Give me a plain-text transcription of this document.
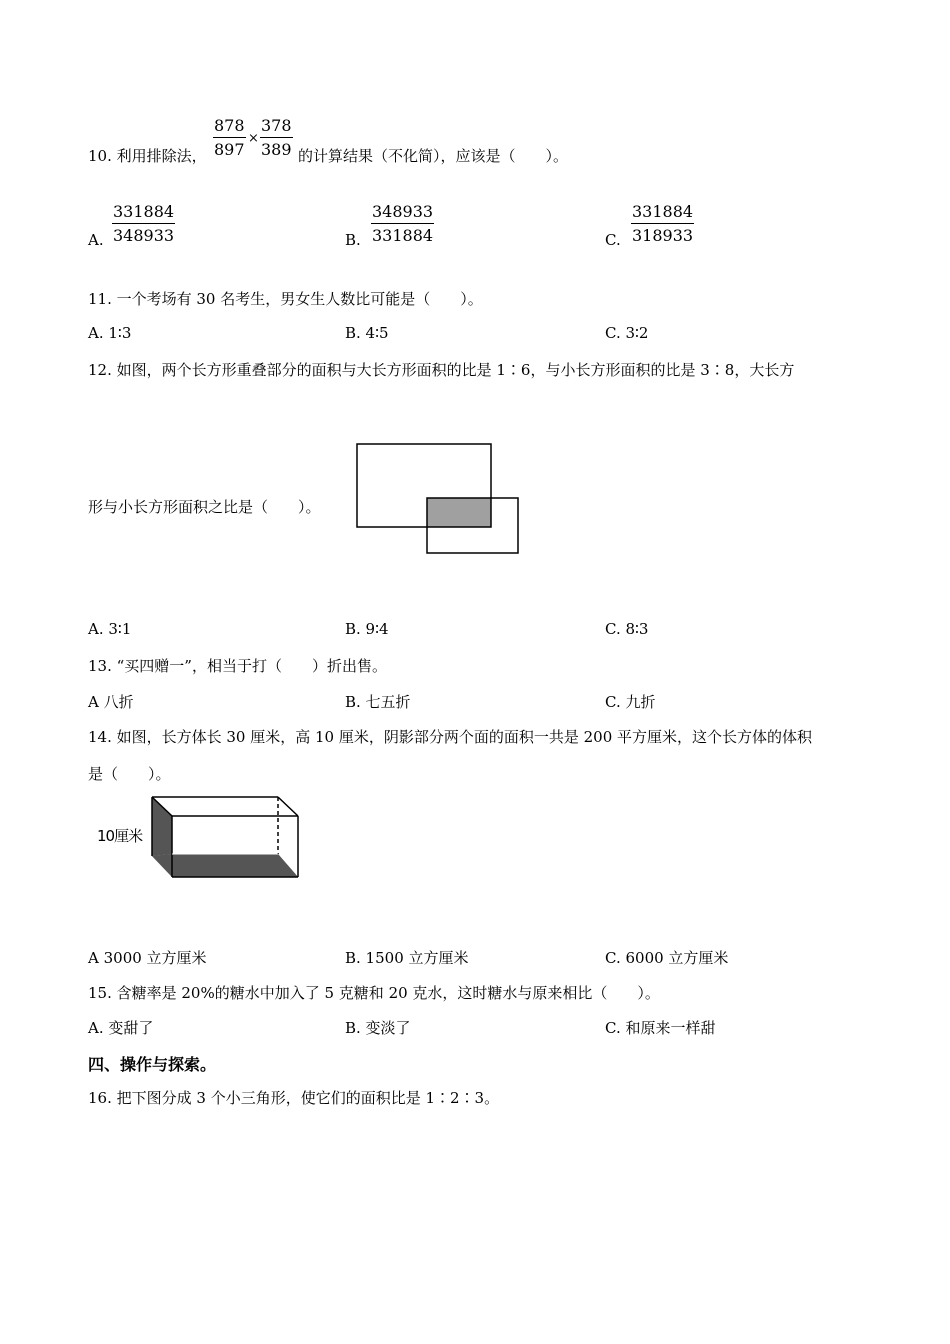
10. 利用排除法， $\frac{878}{897} \times \frac{378}{389}$ 的计算结果（不化简），应该是（　　）。
A. $\frac{331884}{348933}$	B. $\frac{348933}{331884}$	C. $\frac{331884}{318933}$
11. 一个考场有 30 名考生，男女生人数比可能是（　　）。
A. 1∶3	B. 4∶5	C. 3∶2
12. 如图，两个长方形重叠部分的面积与大长方形面积的比是 1∶6，与小长方形面积的比是 3∶8，大长方
形与小长方形面积之比是（　　）。
A. 3∶1	B. 9∶4	C. 8∶3
13. “买四赠一”，相当于打（　　）折出售。
A 八折	B. 七五折	C. 九折
14. 如图，长方体长 30 厘米，高 10 厘米，阴影部分两个面的面积一共是 200 平方厘米，这个长方体的体积
是（　　）。
10厘米
A 3000 立方厘米	B. 1500 立方厘米	C. 6000 立方厘米
15. 含糖率是 20%的糖水中加入了 5 克糖和 20 克水，这时糖水与原来相比（　　）。
A. 变甜了	B. 变淡了	C. 和原来一样甜
四、操作与探索。
16. 把下图分成 3 个小三角形，使它们的面积比是 1∶2∶3。
